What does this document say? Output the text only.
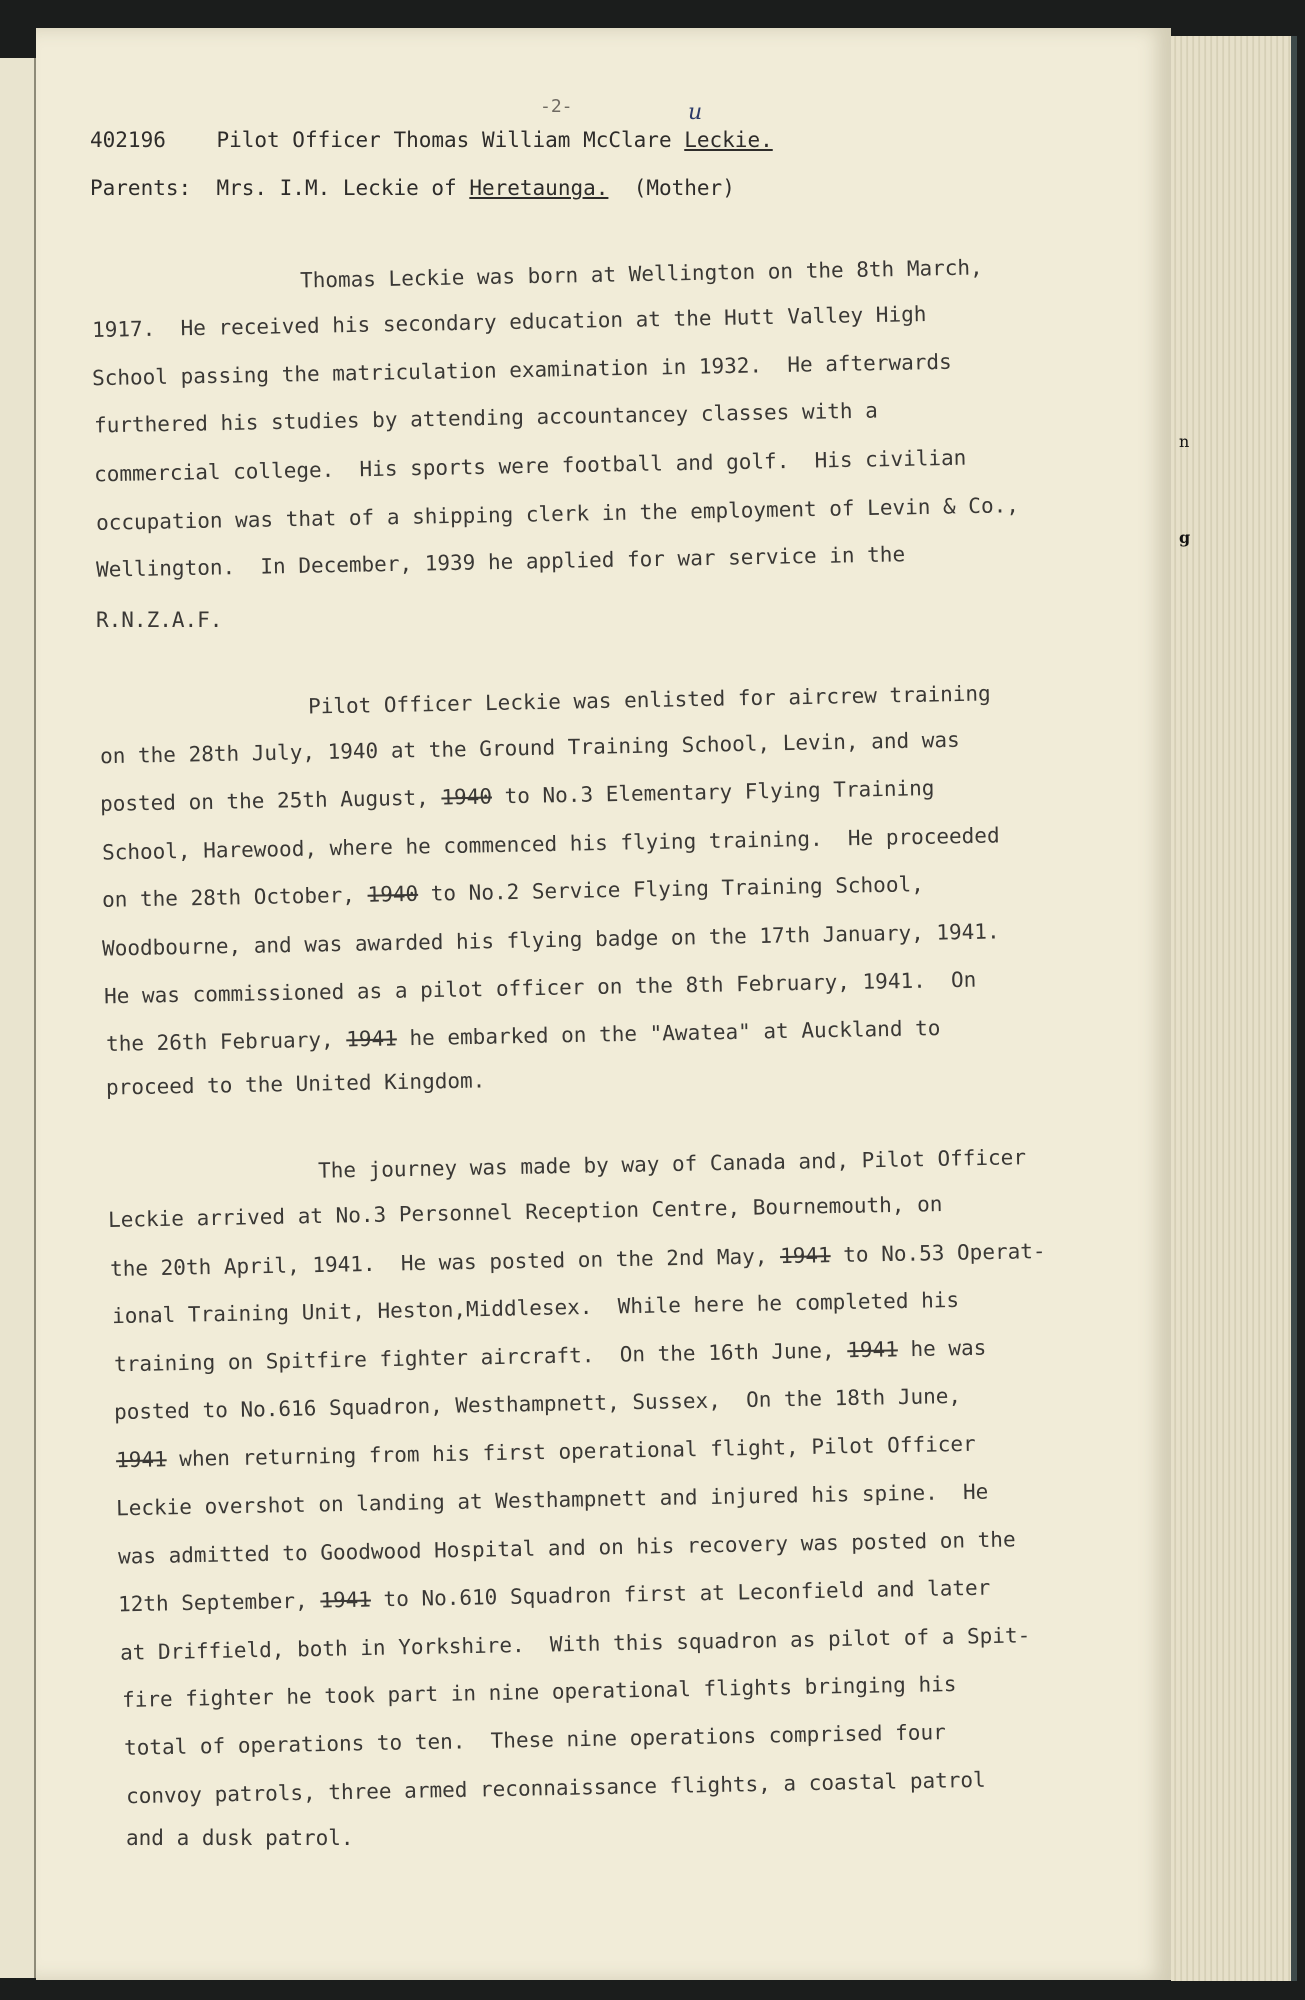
n
g
-2-	u
402196 Pilot Officer Thomas William McClare Leckie.
Parents: Mrs. I.M. Leckie of Heretaunga. (Mother)
Thomas Leckie was born at Wellington on the 8th March,
1917.  He received his secondary education at the Hutt Valley High
School passing the matriculation examination in 1932.  He afterwards
furthered his studies by attending accountancey classes with a
commercial college.  His sports were football and golf.  His civilian
occupation was that of a shipping clerk in the employment of Levin & Co.,
Wellington.  In December, 1939 he applied for war service in the
R.N.Z.A.F.
Pilot Officer Leckie was enlisted for aircrew training
on the 28th July, 1940 at the Ground Training School, Levin, and was
posted on the 25th August, 1940 to No.3 Elementary Flying Training
School, Harewood, where he commenced his flying training.  He proceeded
on the 28th October, 1940 to No.2 Service Flying Training School,
Woodbourne, and was awarded his flying badge on the 17th January, 1941.
He was commissioned as a pilot officer on the 8th February, 1941.  On
the 26th February, 1941 he embarked on the "Awatea" at Auckland to
proceed to the United Kingdom.
The journey was made by way of Canada and, Pilot Officer
Leckie arrived at No.3 Personnel Reception Centre, Bournemouth, on
the 20th April, 1941.  He was posted on the 2nd May, 1941 to No.53 Operat-
ional Training Unit, Heston,Middlesex.  While here he completed his
training on Spitfire fighter aircraft.  On the 16th June, 1941 he was
posted to No.616 Squadron, Westhampnett, Sussex,  On the 18th June,
1941 when returning from his first operational flight, Pilot Officer
Leckie overshot on landing at Westhampnett and injured his spine.  He
was admitted to Goodwood Hospital and on his recovery was posted on the
12th September, 1941 to No.610 Squadron first at Leconfield and later
at Driffield, both in Yorkshire.  With this squadron as pilot of a Spit-
fire fighter he took part in nine operational flights bringing his
total of operations to ten.  These nine operations comprised four
convoy patrols, three armed reconnaissance flights, a coastal patrol
and a dusk patrol.
